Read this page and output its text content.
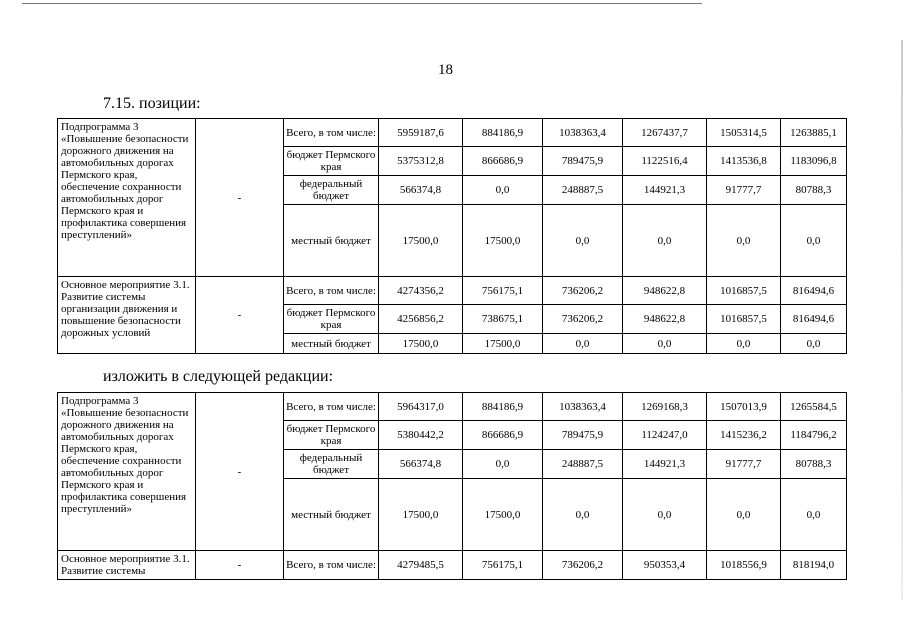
18
7.15. позиции:
Подпрограмма 3 «Повышение безопасности дорожного движения на автомобильных дорогах Пермского края, обеспечение сохранности автомобильных дорог Пермского края и профилактика совершения преступлений»	-	Всего, в том числе:	5959187,6	884186,9	1038363,4	1267437,7	1505314,5	1263885,1
		бюджет Пермского края	5375312,8	866686,9	789475,9	1122516,4	1413536,8	1183096,8
		федеральный бюджет	566374,8	0,0	248887,5	144921,3	91777,7	80788,3
		местный бюджет	17500,0	17500,0	0,0	0,0	0,0	0,0
Основное мероприятие 3.1. Развитие системы организации движения и повышение безопасности дорожных условий	-	Всего, в том числе:	4274356,2	756175,1	736206,2	948622,8	1016857,5	816494,6
		бюджет Пермского края	4256856,2	738675,1	736206,2	948622,8	1016857,5	816494,6
		местный бюджет	17500,0	17500,0	0,0	0,0	0,0	0,0
изложить в следующей редакции:
Подпрограмма 3 «Повышение безопасности дорожного движения на автомобильных дорогах Пермского края, обеспечение сохранности автомобильных дорог Пермского края и профилактика совершения преступлений»	-	Всего, в том числе:	5964317,0	884186,9	1038363,4	1269168,3	1507013,9	1265584,5
		бюджет Пермского края	5380442,2	866686,9	789475,9	1124247,0	1415236,2	1184796,2
		федеральный бюджет	566374,8	0,0	248887,5	144921,3	91777,7	80788,3
		местный бюджет	17500,0	17500,0	0,0	0,0	0,0	0,0
Основное мероприятие 3.1. Развитие системы	-	Всего, в том числе:	4279485,5	756175,1	736206,2	950353,4	1018556,9	818194,0
